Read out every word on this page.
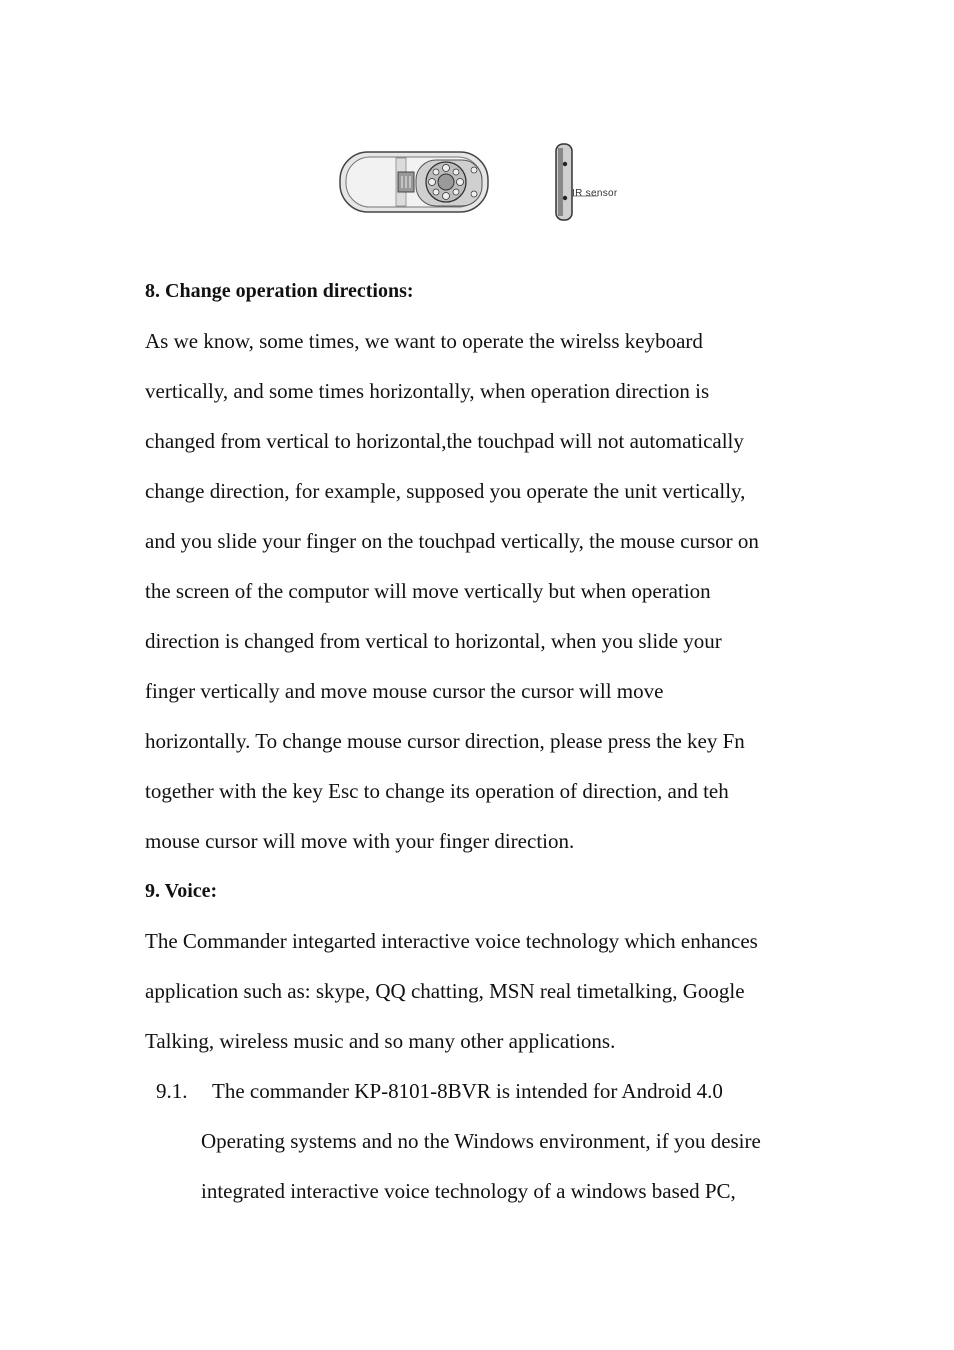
IR sensor
8. Change operation directions:
As we know, some times, we want to operate the wirelss keyboard
vertically, and some times horizontally, when operation direction is
changed from vertical to horizontal,the touchpad will not automatically
change direction, for example, supposed you operate the unit vertically,
and you slide your finger on the touchpad vertically, the mouse cursor on
the screen of the computor will move vertically but when operation
direction is changed from vertical to horizontal, when you slide your
finger vertically and move mouse cursor the cursor will move
horizontally. To change mouse cursor direction, please press the key Fn
together with the key Esc to change its operation of direction, and teh
mouse cursor will move with your finger direction.
9. Voice:
The Commander integarted interactive voice technology which enhances
application such as: skype, QQ chatting, MSN real timetalking, Google
Talking, wireless music and so many other applications.
9.1. The commander KP-8101-8BVR is intended for Android 4.0
Operating systems and no the Windows environment, if you desire
integrated interactive voice technology of a windows based PC,
